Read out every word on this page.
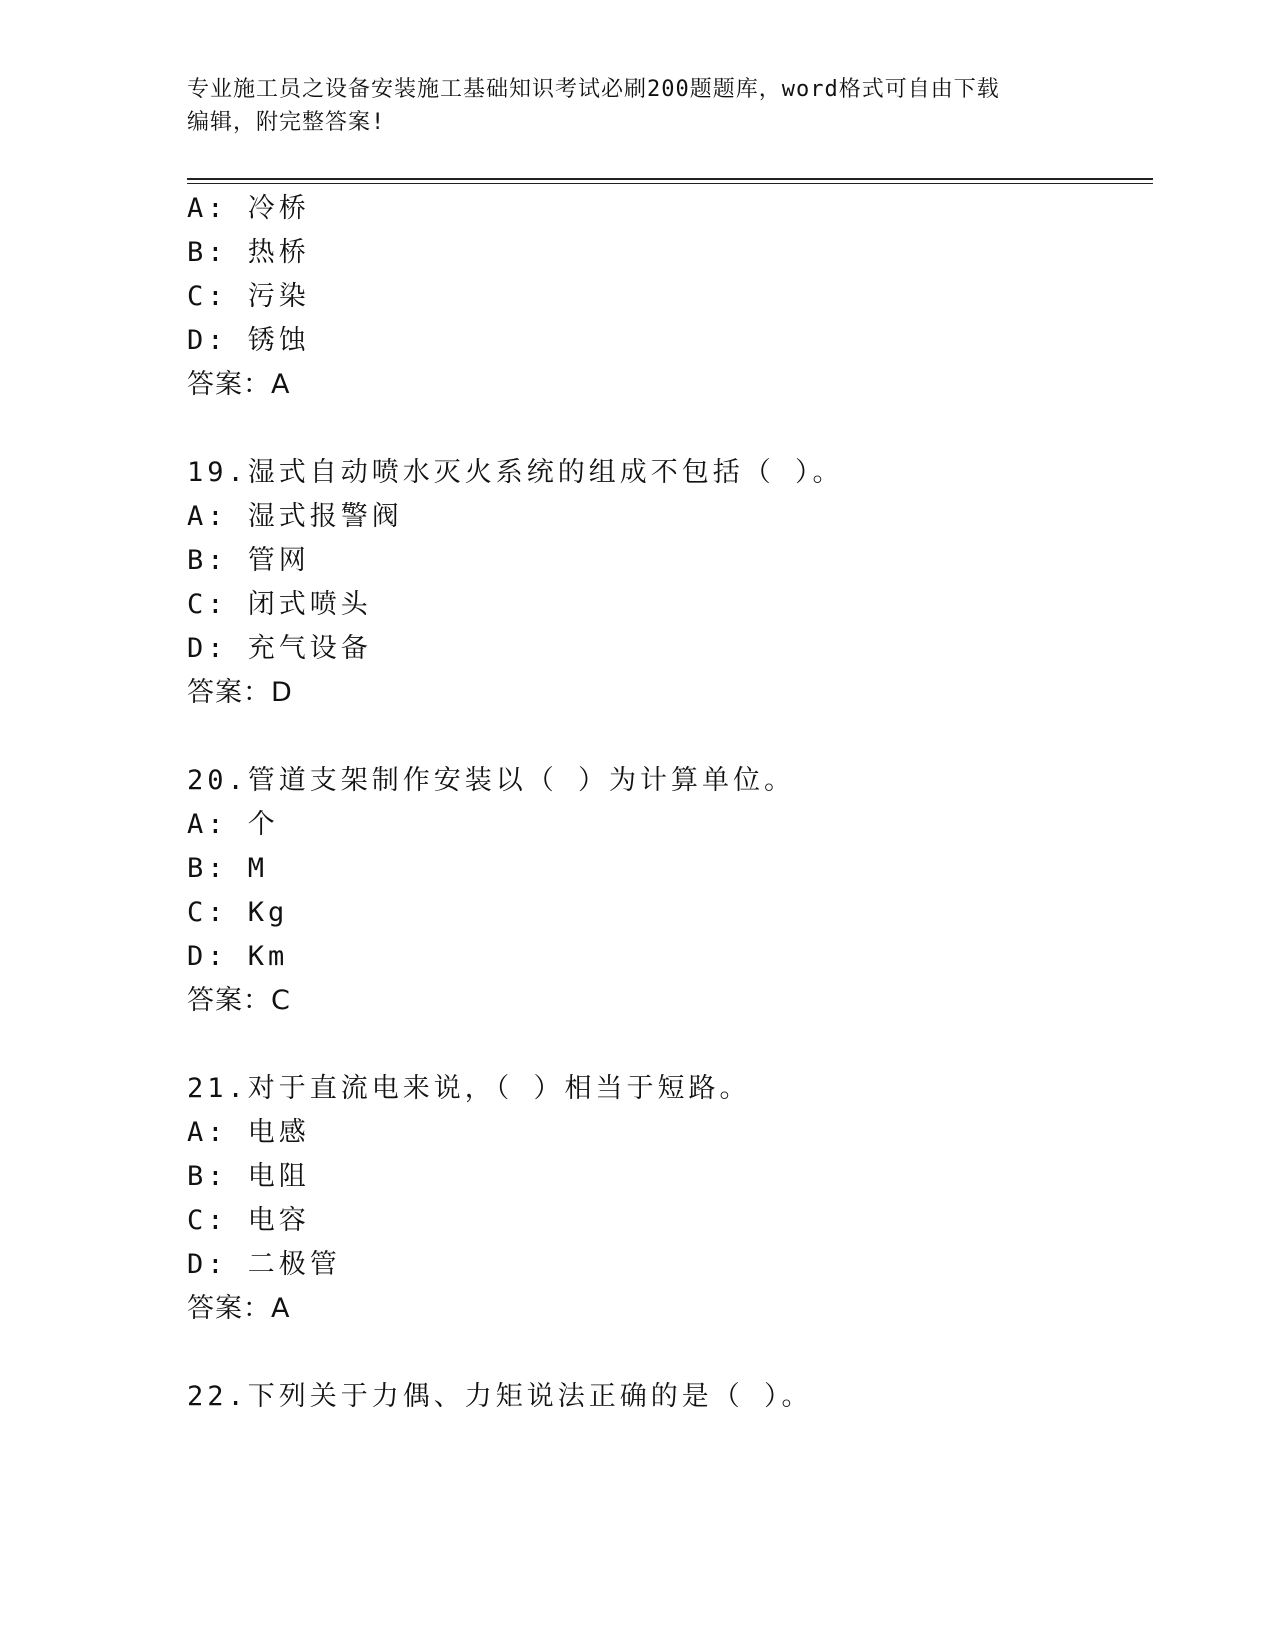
专业施工员之设备安装施工基础知识考试必刷200题题库，word格式可自由下载
编辑，附完整答案!
A: 冷桥
B: 热桥
C: 污染
D: 锈蚀
答案：A
19.湿式自动喷水灭火系统的组成不包括（ ）。
A: 湿式报警阀
B: 管网
C: 闭式喷头
D: 充气设备
答案：D
20.管道支架制作安装以（ ）为计算单位。
A: 个
B: M
C: Kg
D: Km
答案：C
21.对于直流电来说，（ ）相当于短路。
A: 电感
B: 电阻
C: 电容
D: 二极管
答案：A
22.下列关于力偶、力矩说法正确的是（ ）。
